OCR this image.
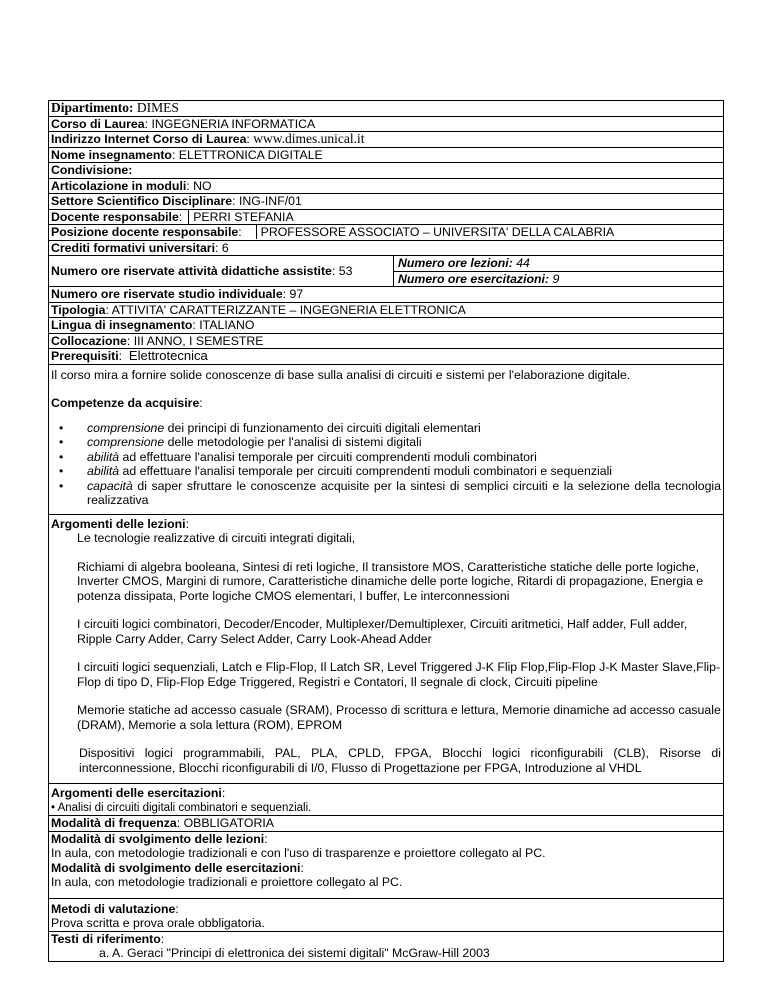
Dipartimento: DIMES
Corso di Laurea: INGEGNERIA INFORMATICA
Indirizzo Internet Corso di Laurea: www.dimes.unical.it
Nome insegnamento: ELETTRONICA DIGITALE
Condivisione:
Articolazione in moduli: NO
Settore Scientifico Disciplinare: ING-INF/01
Docente responsabile: PERRI STEFANIA
Posizione docente responsabile: PROFESSORE ASSOCIATO – UNIVERSITA' DELLA CALABRIA
Crediti formativi universitari: 6
Numero ore riservate attività didattiche assistite : 53
Numero ore lezioni: 44
Numero ore esercitazioni: 9
Numero ore riservate studio individuale: 97
Tipologia: ATTIVITA' CARATTERIZZANTE – INGEGNERIA ELETTRONICA
Lingua di insegnamento: ITALIANO
Collocazione: III ANNO, I SEMESTRE
Prerequisiti:  Elettrotecnica
Il corso mira a fornire solide conoscenze di base sulla analisi di circuiti e sistemi per l'elaborazione digitale.
Competenze da acquisire:
• comprensione dei principi di funzionamento dei circuiti digitali elementari
• comprensione delle metodologie per l'analisi di sistemi digitali
• abilità ad effettuare l'analisi temporale per circuiti comprendenti moduli combinatori
• abilità ad effettuare l'analisi temporale per circuiti comprendenti moduli combinatori e sequenziali
• capacità di saper sfruttare le conoscenze acquisite per la sintesi di semplici circuiti e la selezione della tecnologia realizzativa
Argomenti delle lezioni:

Le tecnologie realizzative di circuiti integrati digitali,

Richiami di algebra booleana, Sintesi di reti logiche, Il transistore MOS, Caratteristiche statiche delle porte logiche, Inverter CMOS, Margini di rumore, Caratteristiche dinamiche delle porte logiche, Ritardi di propagazione, Energia e potenza dissipata, Porte logiche CMOS elementari, I buffer, Le interconnessioni

I circuiti logici combinatori, Decoder/Encoder, Multiplexer/Demultiplexer, Circuiti aritmetici, Half adder, Full adder, Ripple Carry Adder, Carry Select Adder, Carry Look-Ahead Adder

I circuiti logici sequenziali, Latch e Flip-Flop, Il Latch SR, Level Triggered J-K Flip Flop,Flip-Flop J-K Master Slave,Flip-Flop di tipo D, Flip-Flop Edge Triggered, Registri e Contatori, Il segnale di clock, Circuiti pipeline

Memorie statiche ad accesso casuale (SRAM), Processo di scrittura e lettura, Memorie dinamiche ad accesso casuale (DRAM), Memorie a sola lettura (ROM), EPROM

Dispositivi logici programmabili, PAL, PLA, CPLD, FPGA, Blocchi logici riconfigurabili (CLB), Risorse di interconnessione, Blocchi riconfigurabili di I/0, Flusso di Progettazione per FPGA, Introduzione al VHDL

Argomenti delle esercitazioni:
• Analisi di circuiti digitali combinatori e sequenziali.
Modalità di frequenza: OBBLIGATORIA
Modalità di svolgimento delle lezioni:
In aula, con metodologie tradizionali e con l'uso di trasparenze e proiettore collegato al PC.
Modalità di svolgimento delle esercitazioni:
In aula, con metodologie tradizionali e proiettore collegato al PC.
Metodi di valutazione:
Prova scritta e prova orale obbligatoria.
Testi di riferimento:
a. A. Geraci "Principi di elettronica dei sistemi digitali" McGraw-Hill 2003
